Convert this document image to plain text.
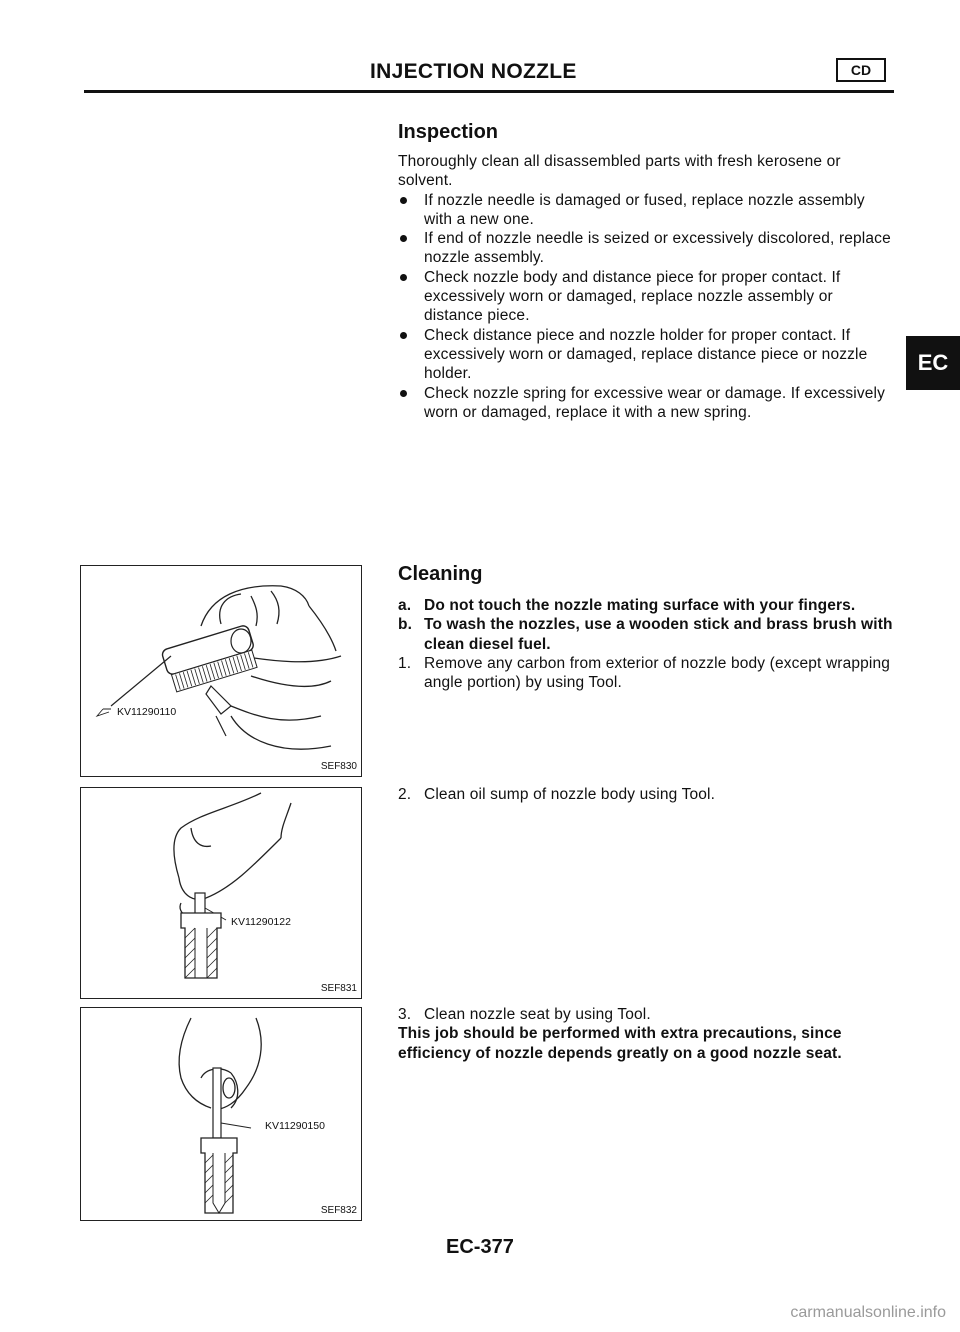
INJECTION NOZZLE	CD
EC
Inspection
Thoroughly clean all disassembled parts with fresh kerosene or solvent.
If nozzle needle is damaged or fused, replace nozzle assembly with a new one.
If end of nozzle needle is seized or excessively discolored, replace nozzle assembly.
Check nozzle body and distance piece for proper contact. If excessively worn or damaged, replace nozzle assembly or distance piece.
Check distance piece and nozzle holder for proper contact. If excessively worn or damaged, replace distance piece or nozzle holder.
Check nozzle spring for excessive wear or damage. If excessively worn or damaged, replace it with a new spring.
Cleaning
a. Do not touch the nozzle mating surface with your fingers.
b. To wash the nozzles, use a wooden stick and brass brush with clean diesel fuel.
1. Remove any carbon from exterior of nozzle body (except wrapping angle portion) by using Tool.
2. Clean oil sump of nozzle body using Tool.
3. Clean nozzle seat by using Tool.
This job should be performed with extra precautions, since efficiency of nozzle depends greatly on a good nozzle seat.
KV11290110
SEF830
KV11290122
SEF831
KV11290150
SEF832
EC-377
carmanualsonline.info
